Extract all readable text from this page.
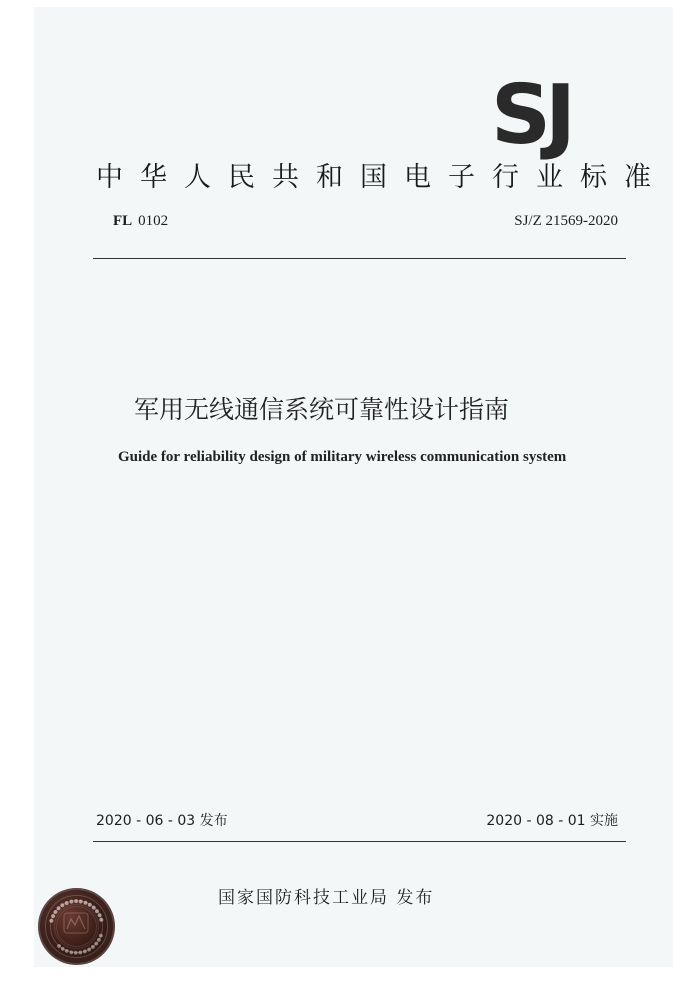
SJ
中华人民共和国电子行业标准
FL 0102	SJ/Z 21569-2020
军用无线通信系统可靠性设计指南
Guide for reliability design of military wireless communication system
2020 - 06 - 03 发布	2020 - 08 - 01 实施
国家国防科技工业局 发布
●●●●●●●●●●●●●●●
●●●●●●●●●●●●
